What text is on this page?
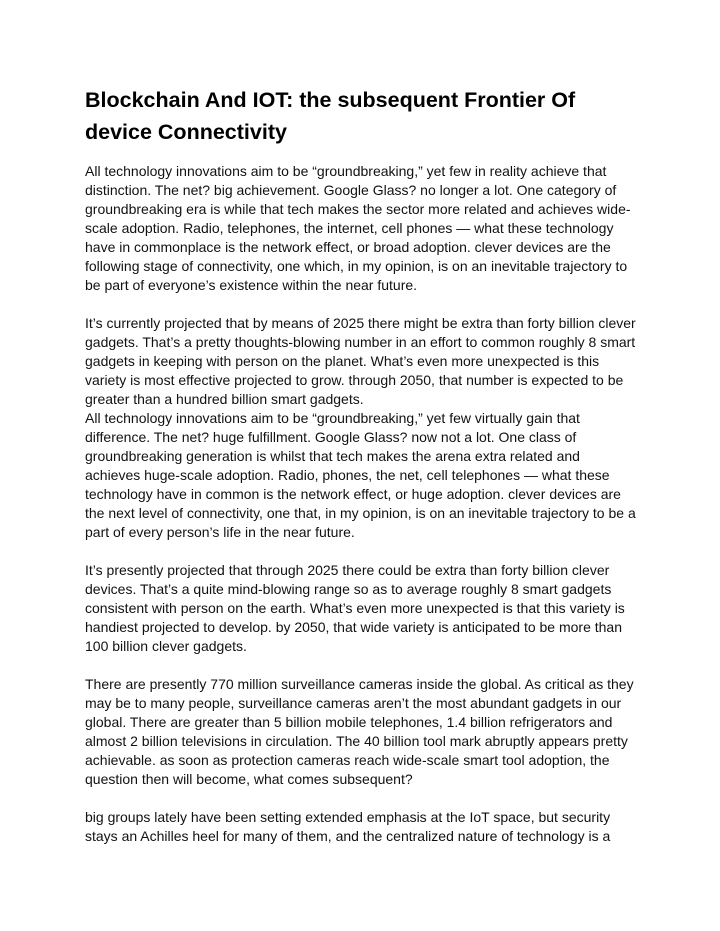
Blockchain And IOT: the subsequent Frontier Of device Connectivity

All technology innovations aim to be “groundbreaking,” yet few in reality achieve that distinction. The net? big achievement. Google Glass? no longer a lot. One category of groundbreaking era is while that tech makes the sector more related and achieves wide-scale adoption. Radio, telephones, the internet, cell phones — what these technology have in commonplace is the network effect, or broad adoption. clever devices are the following stage of connectivity, one which, in my opinion, is on an inevitable trajectory to be part of everyone’s existence within the near future.

It’s currently projected that by means of 2025 there might be extra than forty billion clever gadgets. That’s a pretty thoughts-blowing number in an effort to common roughly 8 smart gadgets in keeping with person on the planet. What’s even more unexpected is this variety is most effective projected to grow. through 2050, that number is expected to be greater than a hundred billion smart gadgets.

All technology innovations aim to be “groundbreaking,” yet few virtually gain that difference. The net? huge fulfillment. Google Glass? now not a lot. One class of groundbreaking generation is whilst that tech makes the arena extra related and achieves huge-scale adoption. Radio, phones, the net, cell telephones — what these technology have in common is the network effect, or huge adoption. clever devices are the next level of connectivity, one that, in my opinion, is on an inevitable trajectory to be a part of every person’s life in the near future.

It’s presently projected that through 2025 there could be extra than forty billion clever devices. That’s a quite mind-blowing range so as to average roughly 8 smart gadgets consistent with person on the earth. What’s even more unexpected is that this variety is handiest projected to develop. by 2050, that wide variety is anticipated to be more than 100 billion clever gadgets.

There are presently 770 million surveillance cameras inside the global. As critical as they may be to many people, surveillance cameras aren’t the most abundant gadgets in our global. There are greater than 5 billion mobile telephones, 1.4 billion refrigerators and almost 2 billion televisions in circulation. The 40 billion tool mark abruptly appears pretty achievable. as soon as protection cameras reach wide-scale smart tool adoption, the question then will become, what comes subsequent?

big groups lately have been setting extended emphasis at the IoT space, but security stays an Achilles heel for many of them, and the centralized nature of technology is a
